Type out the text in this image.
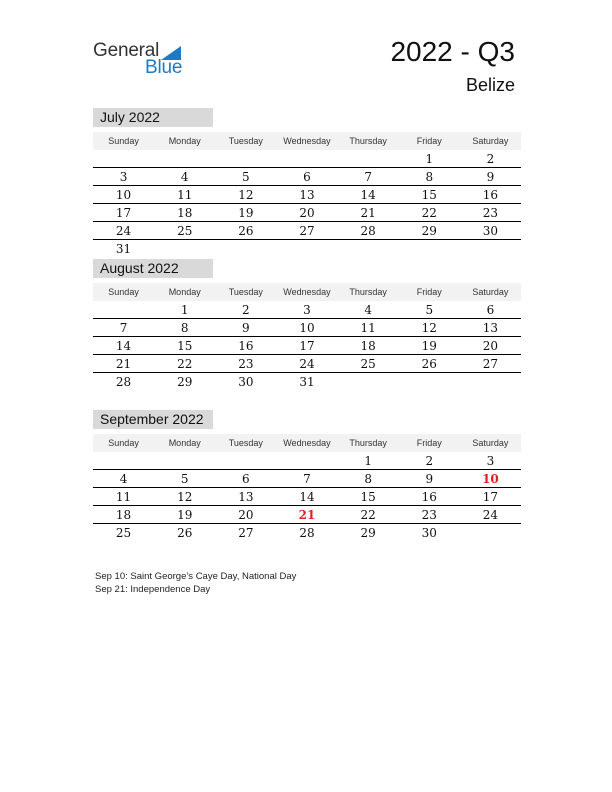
General
Blue
2022 - Q3
Belize
July 2022
Sunday	Monday	Tuesday	Wednesday	Thursday	Friday	Saturday
					1	2
3	4	5	6	7	8	9
10	11	12	13	14	15	16
17	18	19	20	21	22	23
24	25	26	27	28	29	30
31						
August 2022
Sunday	Monday	Tuesday	Wednesday	Thursday	Friday	Saturday
	1	2	3	4	5	6
7	8	9	10	11	12	13
14	15	16	17	18	19	20
21	22	23	24	25	26	27
28	29	30	31			
September 2022
Sunday	Monday	Tuesday	Wednesday	Thursday	Friday	Saturday
				1	2	3
4	5	6	7	8	9	10
11	12	13	14	15	16	17
18	19	20	21	22	23	24
25	26	27	28	29	30	
Sep 10: Saint George’s Caye Day, National Day
Sep 21: Independence Day
